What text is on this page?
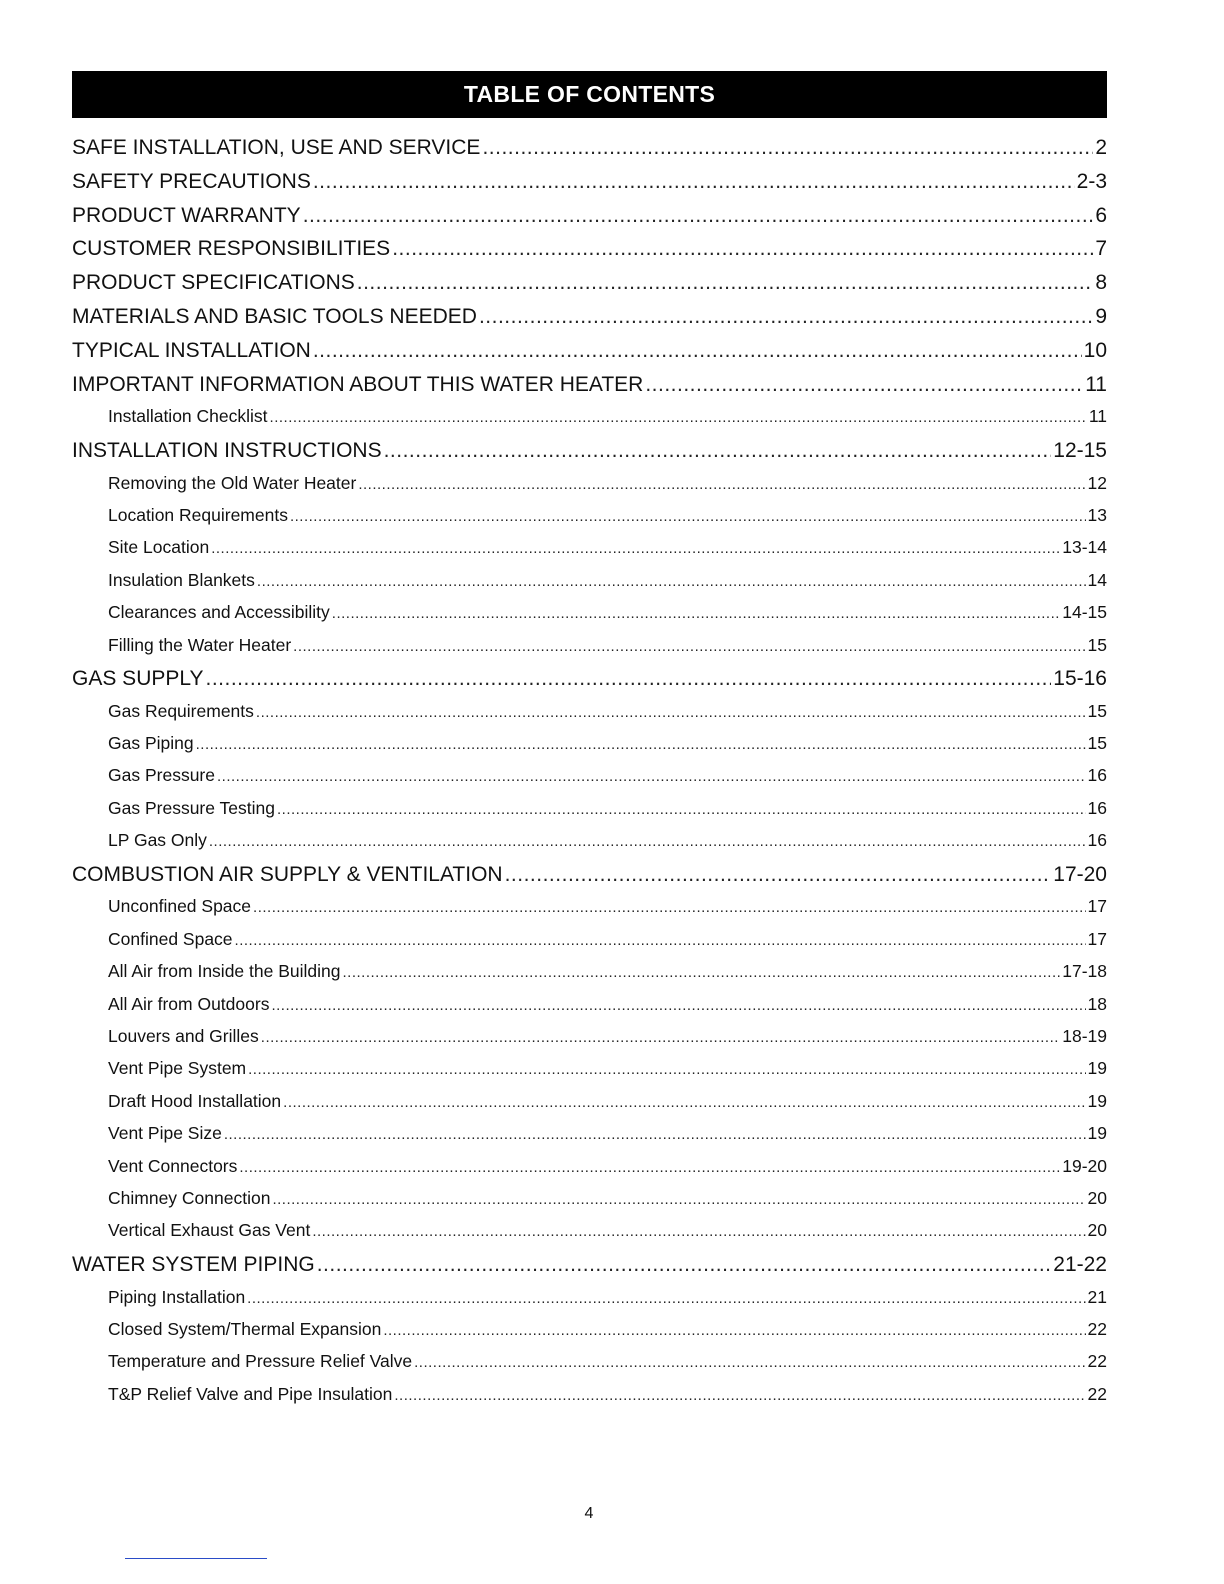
TABLE OF CONTENTS
SAFE INSTALLATION, USE AND SERVICE .....	2
SAFETY PRECAUTIONS .....	2-3
PRODUCT WARRANTY .....	6
CUSTOMER RESPONSIBILITIES .....	7
PRODUCT SPECIFICATIONS .....	8
MATERIALS AND BASIC TOOLS NEEDED .....	9
TYPICAL INSTALLATION .....	10
IMPORTANT INFORMATION ABOUT THIS WATER HEATER .....	11
Installation Checklist .....	11
INSTALLATION INSTRUCTIONS .....	12-15
Removing the Old Water Heater .....	12
Location Requirements .....	13
Site Location .....	13-14
Insulation Blankets .....	14
Clearances and Accessibility .....	14-15
Filling the Water Heater .....	15
GAS SUPPLY .....	15-16
Gas Requirements .....	15
Gas Piping .....	15
Gas Pressure .....	16
Gas Pressure Testing .....	16
LP Gas Only .....	16
COMBUSTION AIR SUPPLY & VENTILATION .....	17-20
Unconfined Space .....	17
Confined Space .....	17
All Air from Inside the Building .....	17-18
All Air from Outdoors .....	18
Louvers and Grilles .....	18-19
Vent Pipe System .....	19
Draft Hood Installation .....	19
Vent Pipe Size .....	19
Vent Connectors .....	19-20
Chimney Connection .....	20
Vertical Exhaust Gas Vent .....	20
WATER SYSTEM PIPING .....	21-22
Piping Installation .....	21
Closed System/Thermal Expansion .....	22
Temperature and Pressure Relief Valve .....	22
T&P Relief Valve and Pipe Insulation .....	22
4
